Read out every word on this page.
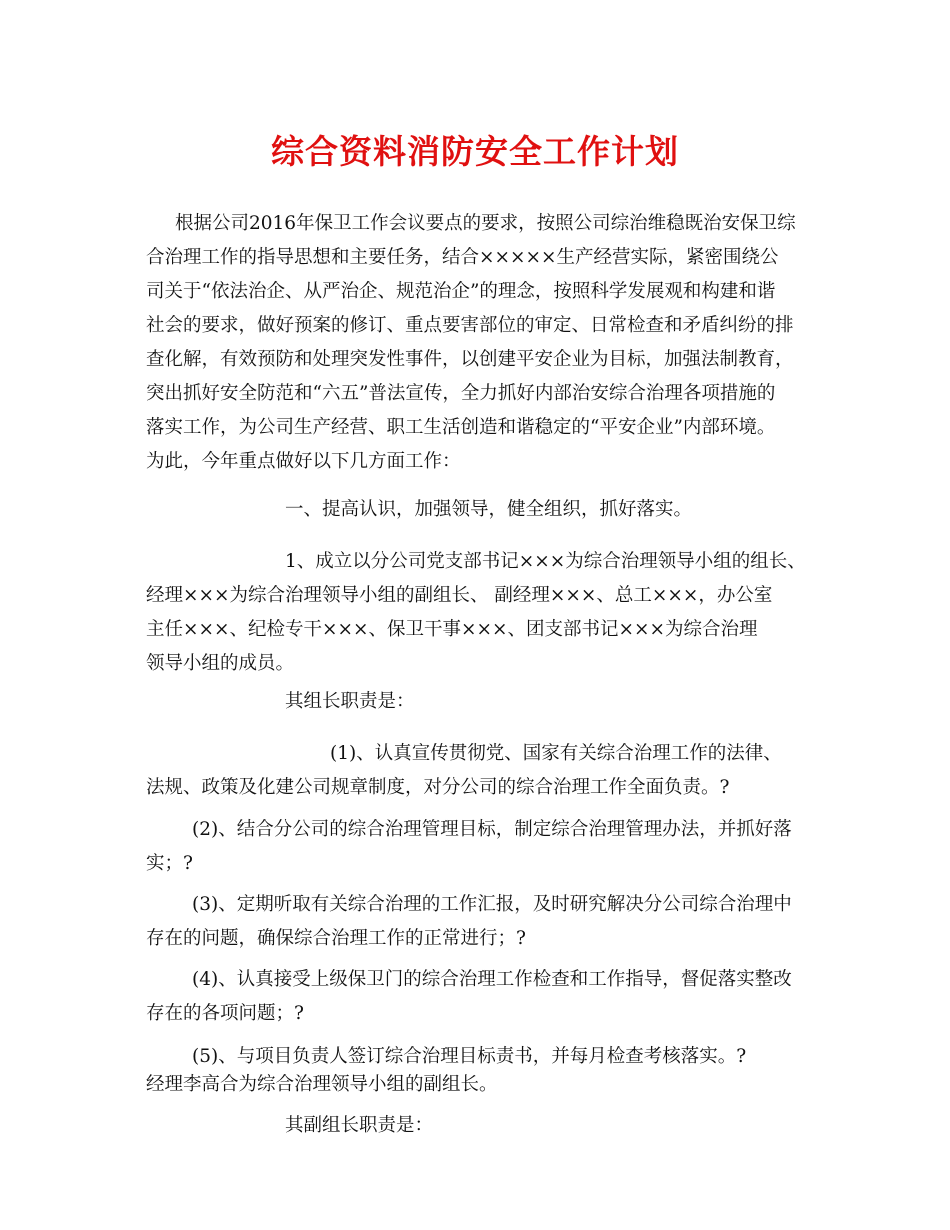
综合资料消防安全工作计划

根据公司2016年保卫工作会议要点的要求，按照公司综治维稳既治安保卫综

合治理工作的指导思想和主要任务，结合×××××生产经营实际，紧密围绕公

司关于“依法治企、从严治企、规范治企”的理念，按照科学发展观和构建和谐

社会的要求，做好预案的修订、重点要害部位的审定、日常检查和矛盾纠纷的排

查化解，有效预防和处理突发性事件，以创建平安企业为目标，加强法制教育，

突出抓好安全防范和“六五”普法宣传，全力抓好内部治安综合治理各项措施的

落实工作，为公司生产经营、职工生活创造和谐稳定的“平安企业”内部环境。

为此，今年重点做好以下几方面工作：

一、提高认识，加强领导，健全组织，抓好落实。

1、成立以分公司党支部书记×××为综合治理领导小组的组长、

经理×××为综合治理领导小组的副组长、 副经理×××、总工×××，办公室

主任×××、纪检专干×××、保卫干事×××、团支部书记×××为综合治理

领导小组的成员。

其组长职责是：

(1)、认真宣传贯彻党、国家有关综合治理工作的法律、

法规、政策及化建公司规章制度，对分公司的综合治理工作全面负责。?

(2)、结合分公司的综合治理管理目标，制定综合治理管理办法，并抓好落

实；?

(3)、定期听取有关综合治理的工作汇报，及时研究解决分公司综合治理中

存在的问题，确保综合治理工作的正常进行；?

(4)、认真接受上级保卫门的综合治理工作检查和工作指导，督促落实整改

存在的各项问题；?

(5)、与项目负责人签订综合治理目标责书，并每月检查考核落实。?

经理李高合为综合治理领导小组的副组长。

其副组长职责是：
